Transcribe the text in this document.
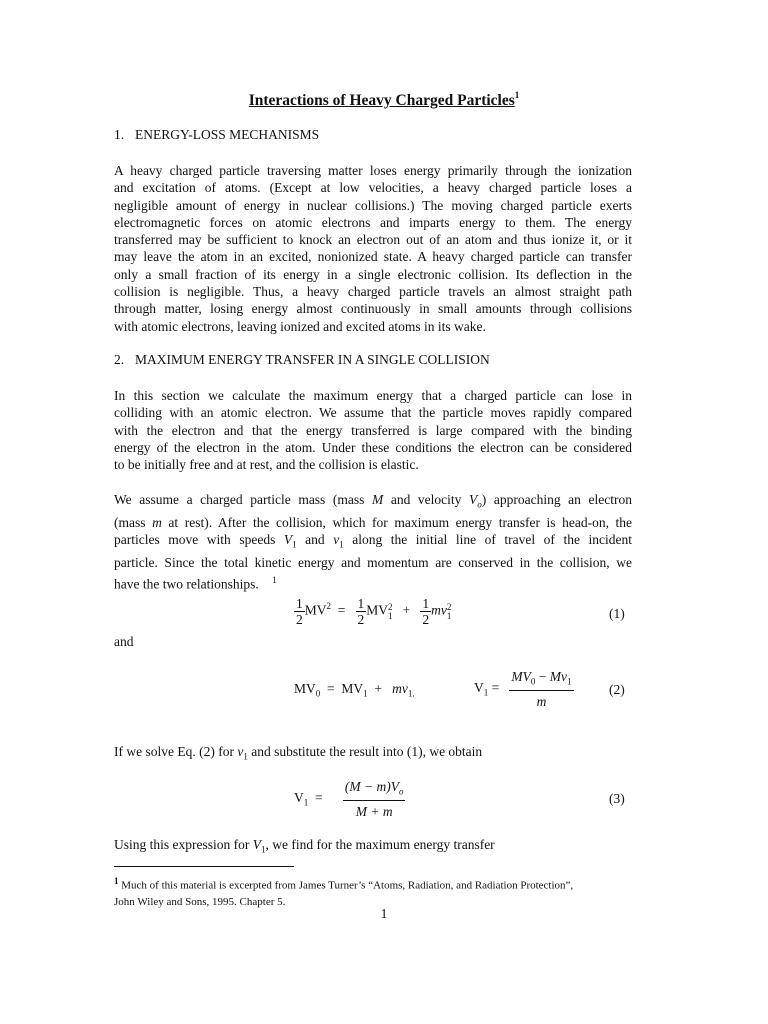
Interactions of Heavy Charged Particles$^1$
1. ENERGY-LOSS MECHANISMS
A heavy charged particle traversing matter loses energy primarily through the ionization
and excitation of atoms. (Except at low velocities, a heavy charged particle loses a
negligible amount of energy in nuclear collisions.) The moving charged particle exerts
electromagnetic forces on atomic electrons and imparts energy to them. The energy
transferred may be sufficient to knock an electron out of an atom and thus ionize it, or it
may leave the atom in an excited, nonionized state. A heavy charged particle can transfer
only a small fraction of its energy in a single electronic collision. Its deflection in the
collision is negligible. Thus, a heavy charged particle travels an almost straight path
through matter, losing energy almost continuously in small amounts through collisions
with atomic electrons, leaving ionized and excited atoms in its wake.
2. MAXIMUM ENERGY TRANSFER IN A SINGLE COLLISION
In this section we calculate the maximum energy that a charged particle can lose in
colliding with an atomic electron. We assume that the particle moves rapidly compared
with the electron and that the energy transferred is large compared with the binding
energy of the electron in the atom. Under these conditions the electron can be considered
to be initially free and at rest, and the collision is elastic.
We assume a charged particle mass (mass M and velocity $V_o$) approaching an electron
(mass m at rest). After the collision, which for maximum energy transfer is head-on, the
particles move with speeds $V_1$ and $v_1$ along the initial line of travel of the incident
particle. Since the total kinetic energy and momentum are conserved in the collision, we
have the two relationships. $^1$
$\frac{1}{2} MV^2 = \frac{1}{2}$ MV 2
$1 + \frac{1}{2}$ mv 2
1	(1)
and
$MV_0 = MV_1 + mv_{1.}$	$V_1 = \frac{MV_0 - Mv_1}{m}$	(2)
If we solve Eq. (2) for $v_1$ and substitute the result into (1), we obtain
$V_1 = \frac{(M - m)V_o}{M + m}$	(3)
Using this expression for $V_1$, we find for the maximum energy transfer
$^1$ Much of this material is excerpted from James Turner’s “Atoms, Radiation, and Radiation Protection”,
John Wiley and Sons, 1995. Chapter 5.
1
